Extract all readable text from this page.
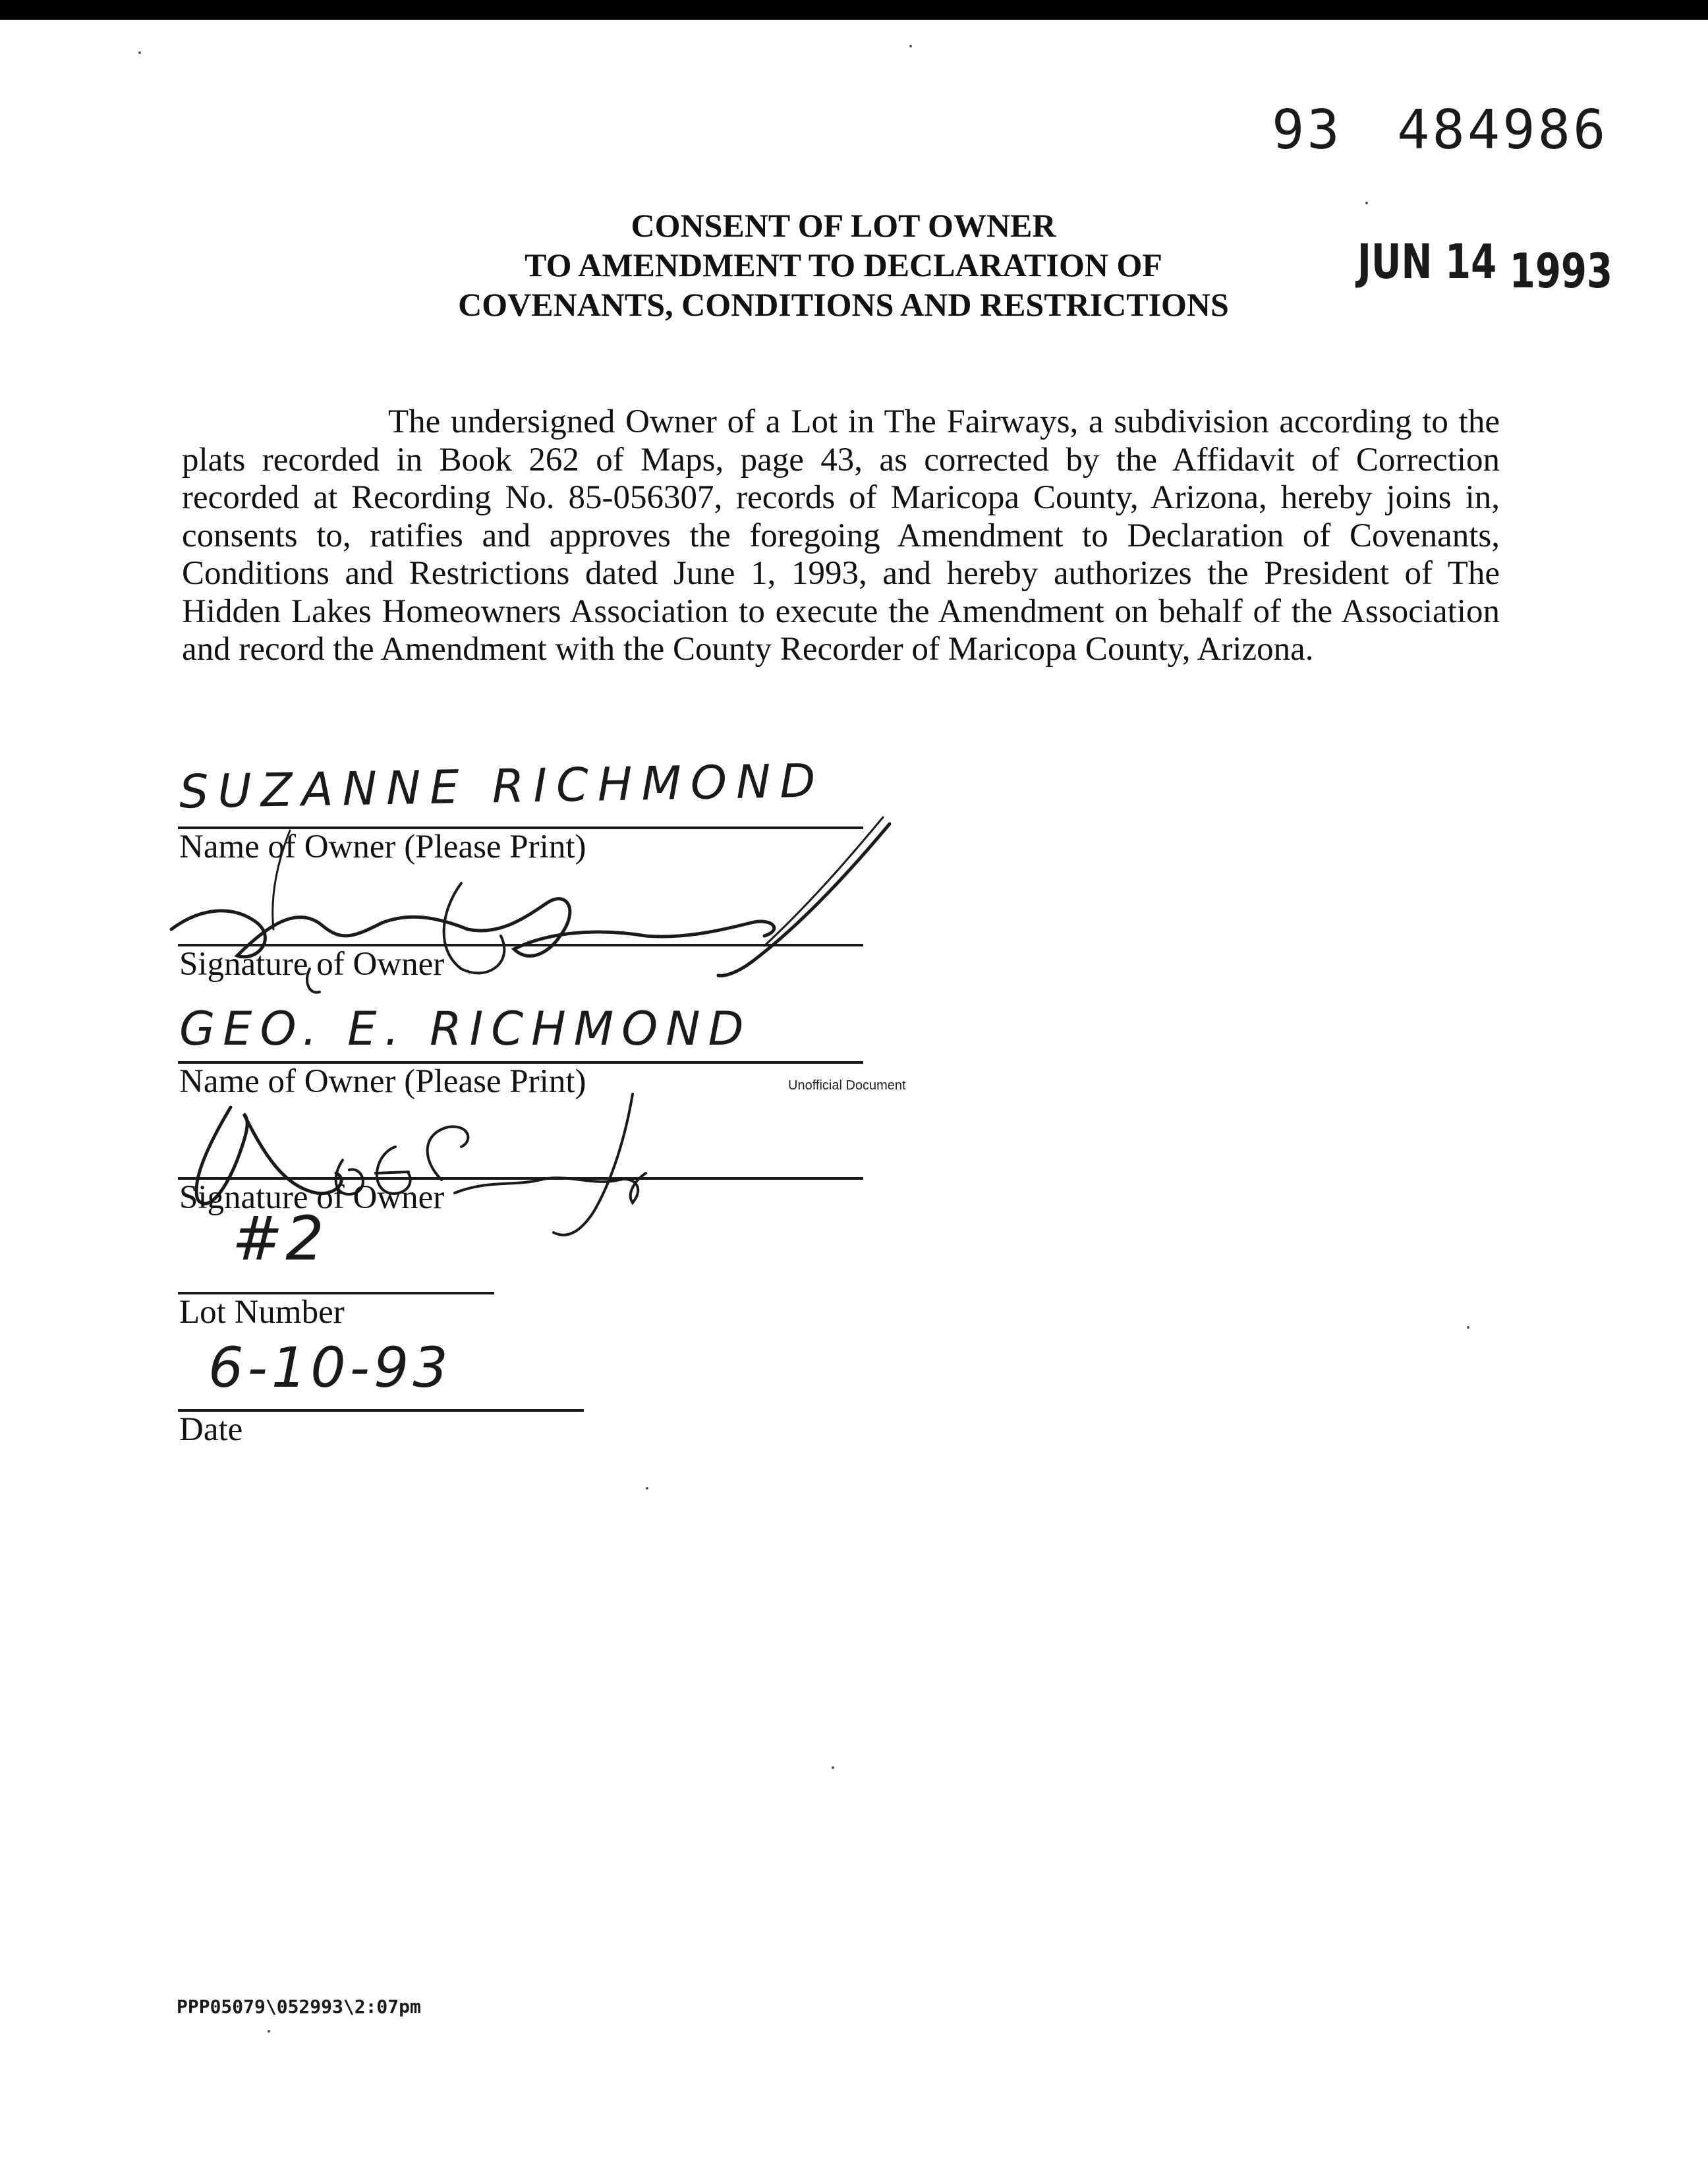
93 484986
JUN 14 1993
CONSENT OF LOT OWNER
TO AMENDMENT TO DECLARATION OF
COVENANTS, CONDITIONS AND RESTRICTIONS
The undersigned Owner of a Lot in The Fairways, a subdivision according to the plats recorded in Book 262 of Maps, page 43, as corrected by the Affidavit of Correction recorded at Recording No. 85-056307, records of Maricopa County, Arizona, hereby joins in, consents to, ratifies and approves the foregoing Amendment to Declaration of Covenants, Conditions and Restrictions dated June 1, 1993, and hereby authorizes the President of The Hidden Lakes Homeowners Association to execute the Amendment on behalf of the Association and record the Amendment with the County Recorder of Maricopa County, Arizona.
SUZANNE RICHMOND
Name of Owner (Please Print)
Signature of Owner
GEO. E. RICHMOND
Name of Owner (Please Print)	Unofficial Document
Signature of Owner
#2
Lot Number
6-10-93
Date
PPP05079\052993\2:07pm
